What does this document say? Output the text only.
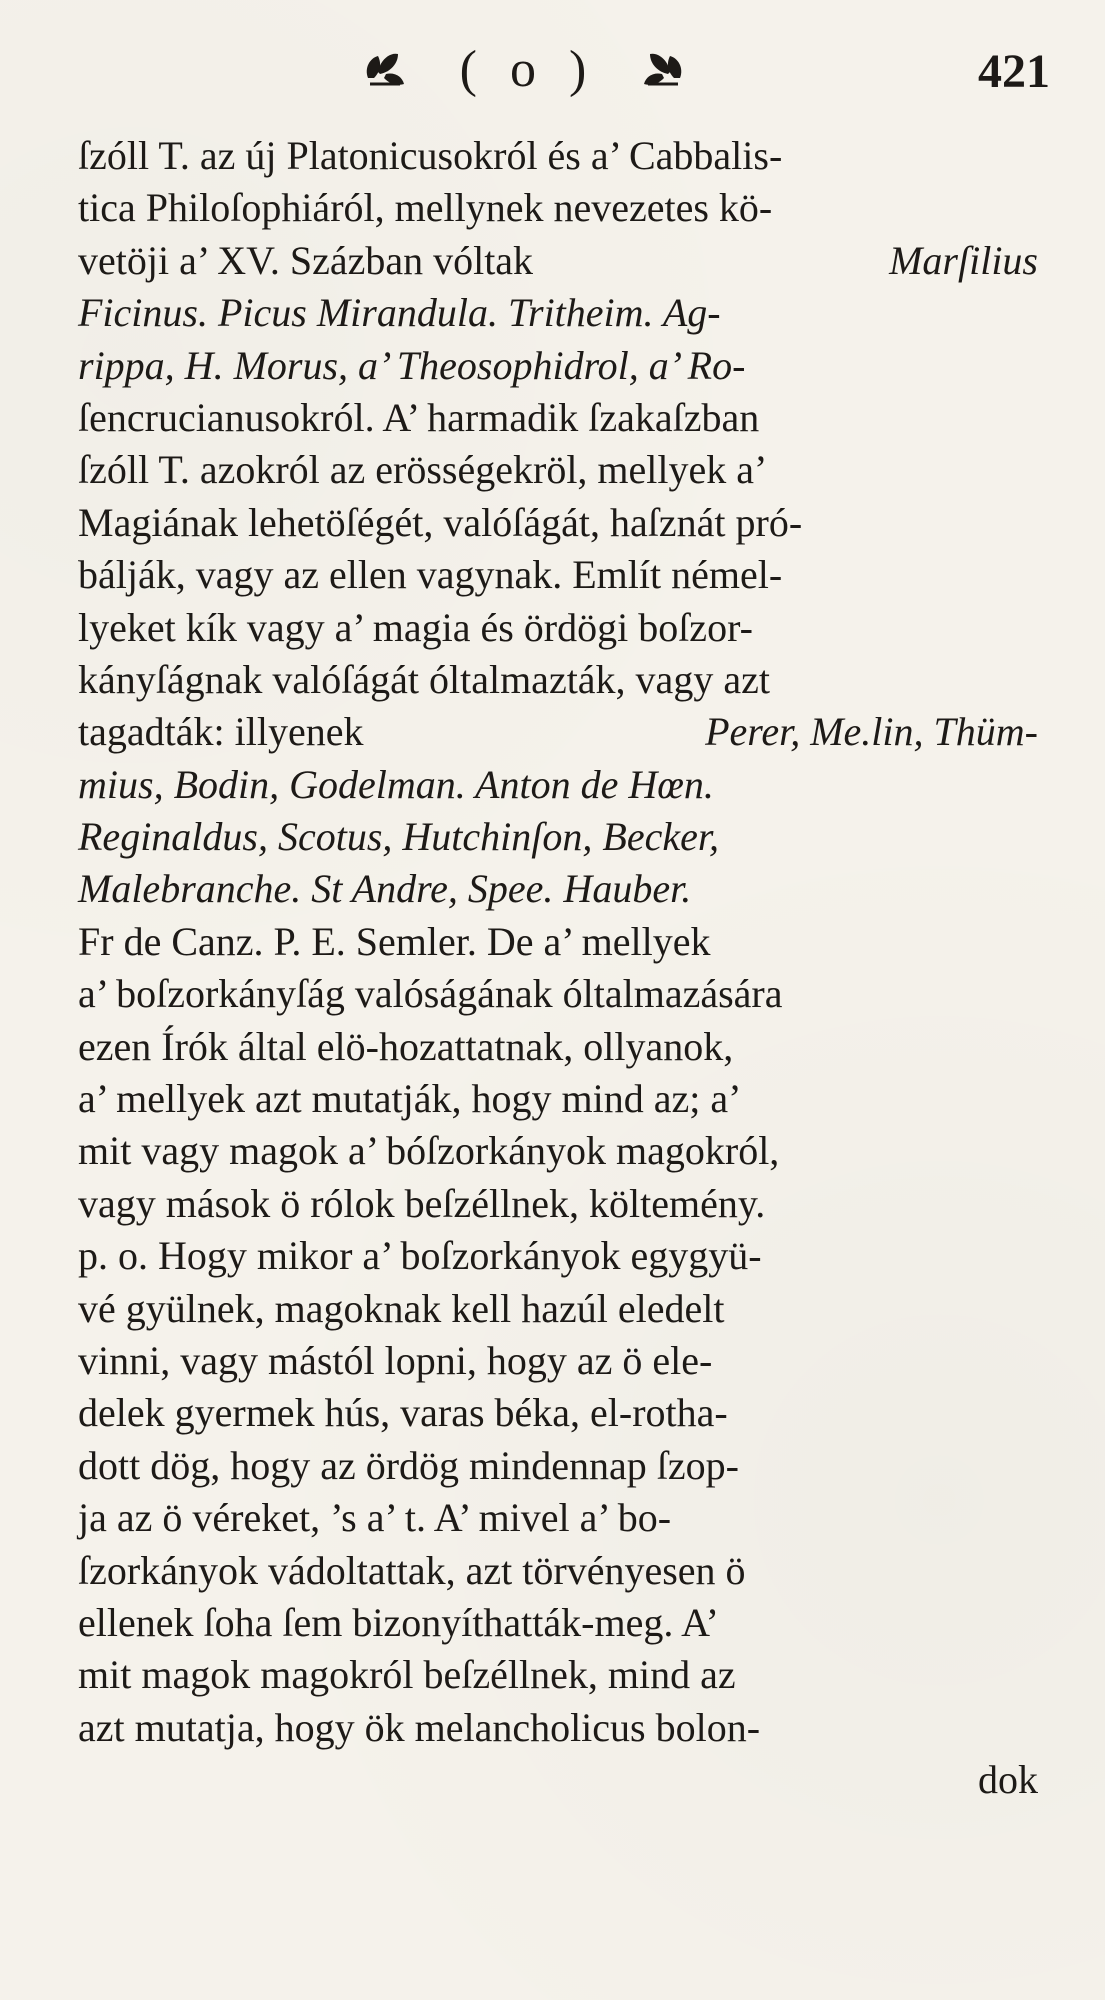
( o )	421
ſzóll T. az új Platonicusokról és a’ Cabbalis-
tica Philoſophiáról, mellynek nevezetes kö-
vetöji a’ XV. Százban vóltak	Marſilius
Ficinus. Picus Mirandula. Tritheim. Ag-
rippa, H. Morus, a’ Theosophidrol, a’ Ro-
ſencrucianusokról. A’ harmadik ſzakaſzban
ſzóll T. azokról az erösségekröl, mellyek a’
Magiának lehetöſégét, valóſágát, haſznát pró-
bálják, vagy az ellen vagynak. Említ némel-
lyeket kík vagy a’ magia és ördögi boſzor-
kányſágnak valóſágát óltalmazták, vagy azt
tagadták: illyenek	Perer, Me.lin, Thüm-
mius, Bodin, Godelman. Anton de Hœn.
Reginaldus, Scotus, Hutchinſon, Becker,
Malebranche. St Andre, Spee. Hauber.
Fr de Canz. P. E. Semler. De a’ mellyek
a’ boſzorkányſág valóságának óltalmazására
ezen Írók által elö-hozattatnak, ollyanok,
a’ mellyek azt mutatják, hogy mind az; a’
mit vagy magok a’ bóſzorkányok magokról,
vagy mások ö rólok beſzéllnek, költemény.
p. o. Hogy mikor a’ boſzorkányok egygyü-
vé gyülnek, magoknak kell hazúl eledelt
vinni, vagy mástól lopni, hogy az ö ele-
delek gyermek hús, varas béka, el-rotha-
dott dög, hogy az ördög mindennap ſzop-
ja az ö véreket, ’s a’ t. A’ mivel a’ bo-
ſzorkányok vádoltattak, azt törvényesen ö
ellenek ſoha ſem bizonyíthatták-meg. A’
mit magok magokról beſzéllnek, mind az
azt mutatja, hogy ök melancholicus bolon-
dok
